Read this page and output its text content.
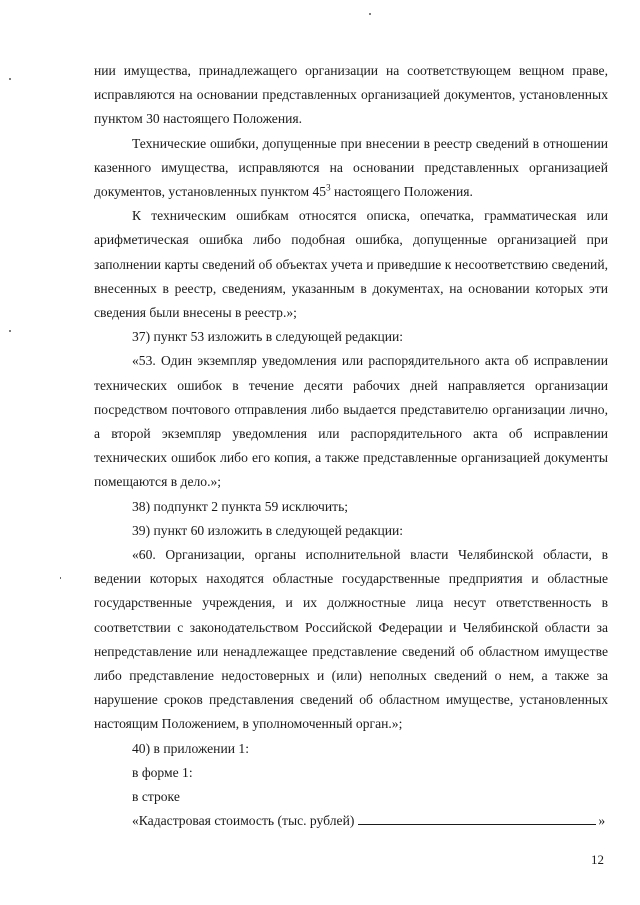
нии имущества, принадлежащего организации на соответствующем вещном праве, исправляются на основании представленных организацией документов, установленных пунктом 30 настоящего Положения.

Технические ошибки, допущенные при внесении в реестр сведений в отношении казенного имущества, исправляются на основании представленных организацией документов, установленных пунктом $45^3$ настоящего Положения.

К техническим ошибкам относятся описка, опечатка, грамматическая или арифметическая ошибка либо подобная ошибка, допущенные организацией при заполнении карты сведений об объектах учета и приведшие к несоответствию сведений, внесенных в реестр, сведениям, указанным в документах, на основании которых эти сведения были внесены в реестр.»;

37) пункт 53 изложить в следующей редакции:

«53. Один экземпляр уведомления или распорядительного акта об исправлении технических ошибок в течение десяти рабочих дней направляется организации посредством почтового отправления либо выдается представителю организации лично, а второй экземпляр уведомления или распорядительного акта об исправлении технических ошибок либо его копия, а также представленные организацией документы помещаются в дело.»;

38) подпункт 2 пункта 59 исключить;

39) пункт 60 изложить в следующей редакции:

«60. Организации, органы исполнительной власти Челябинской области, в ведении которых находятся областные государственные предприятия и областные государственные учреждения, и их должностные лица несут ответственность в соответствии с законодательством Российской Федерации и Челябинской области за непредставление или ненадлежащее представление сведений об областном имуществе либо представление недостоверных и (или) неполных сведений о нем, а также за нарушение сроков представления сведений об областном имуществе, установленных настоящим Положением, в уполномоченный орган.»;

40) в приложении 1:

в форме 1:

в строке

«Кадастровая стоимость (тыс. рублей)	»

12
